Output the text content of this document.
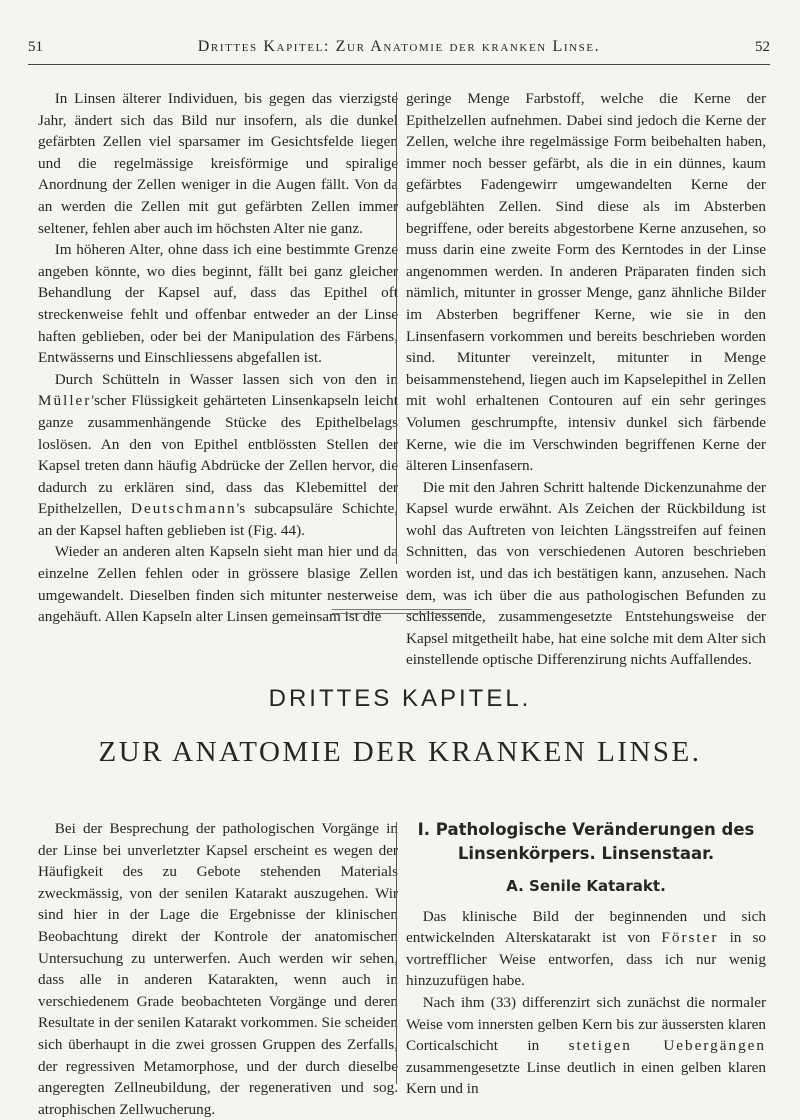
51	Drittes Kapitel: Zur Anatomie der kranken Linse.	52

In Linsen älterer Individuen, bis gegen das vierzigste Jahr, ändert sich das Bild nur insofern, als die dunkel gefärbten Zellen viel sparsamer im Gesichtsfelde liegen und die regelmässige kreisförmige und spiralige Anordnung der Zellen weniger in die Augen fällt. Von da an werden die Zellen mit gut gefärbten Zellen immer seltener, fehlen aber auch im höchsten Alter nie ganz.

Im höheren Alter, ohne dass ich eine bestimmte Grenze angeben könnte, wo dies beginnt, fällt bei ganz gleicher Behandlung der Kapsel auf, dass das Epithel oft streckenweise fehlt und offenbar entweder an der Linse haften geblieben, oder bei der Manipulation des Färbens, Entwässerns und Einschliessens abgefallen ist.

Durch Schütteln in Wasser lassen sich von den in Müller'scher Flüssigkeit gehärteten Linsenkapseln leicht ganze zusammenhängende Stücke des Epithelbelags loslösen. An den von Epithel entblössten Stellen der Kapsel treten dann häufig Abdrücke der Zellen hervor, die dadurch zu erklären sind, dass das Klebemittel der Epithelzellen, Deutschmann's subcapsuläre Schichte, an der Kapsel haften geblieben ist (Fig. 44).

Wieder an anderen alten Kapseln sieht man hier und da einzelne Zellen fehlen oder in grössere blasige Zellen umgewandelt. Dieselben finden sich mitunter nesterweise angehäuft. Allen Kapseln alter Linsen gemeinsam ist die

geringe Menge Farbstoff, welche die Kerne der Epithelzellen aufnehmen. Dabei sind jedoch die Kerne der Zellen, welche ihre regelmässige Form beibehalten haben, immer noch besser gefärbt, als die in ein dünnes, kaum gefärbtes Fadengewirr umgewandelten Kerne der aufgeblähten Zellen. Sind diese als im Absterben begriffene, oder bereits abgestorbene Kerne anzusehen, so muss darin eine zweite Form des Kerntodes in der Linse angenommen werden. In anderen Präparaten finden sich nämlich, mitunter in grosser Menge, ganz ähnliche Bilder im Absterben begriffener Kerne, wie sie in den Linsenfasern vorkommen und bereits beschrieben worden sind. Mitunter vereinzelt, mitunter in Menge beisammenstehend, liegen auch im Kapselepithel in Zellen mit wohl erhaltenen Contouren auf ein sehr geringes Volumen geschrumpfte, intensiv dunkel sich färbende Kerne, wie die im Verschwinden begriffenen Kerne der älteren Linsenfasern.

Die mit den Jahren Schritt haltende Dickenzunahme der Kapsel wurde erwähnt. Als Zeichen der Rückbildung ist wohl das Auftreten von leichten Längsstreifen auf feinen Schnitten, das von verschiedenen Autoren beschrieben worden ist, und das ich bestätigen kann, anzusehen. Nach dem, was ich über die aus pathologischen Befunden zu schliessende, zusammengesetzte Entstehungsweise der Kapsel mitgetheilt habe, hat eine solche mit dem Alter sich einstellende optische Differenzirung nichts Auffallendes.

DRITTES KAPITEL.
ZUR ANATOMIE DER KRANKEN LINSE.

Bei der Besprechung der pathologischen Vorgänge in der Linse bei unverletzter Kapsel erscheint es wegen der Häufigkeit des zu Gebote stehenden Materials zweckmässig, von der senilen Katarakt auszugehen. Wir sind hier in der Lage die Ergebnisse der klinischen Beobachtung direkt der Kontrole der anatomischen Untersuchung zu unterwerfen. Auch werden wir sehen, dass alle in anderen Katarakten, wenn auch in verschiedenem Grade beobachteten Vorgänge und deren Resultate in der senilen Katarakt vorkommen. Sie scheiden sich überhaupt in die zwei grossen Gruppen des Zerfalls, der regressiven Metamorphose, und der durch dieselbe angeregten Zellneubildung, der regenerativen und sog. atrophischen Zellwucherung.

I. Pathologische Veränderungen des Linsenkörpers. Linsenstaar.
A. Senile Katarakt.

Das klinische Bild der beginnenden und sich entwickelnden Alterskatarakt ist von Förster in so vortrefflicher Weise entworfen, dass ich nur wenig hinzuzufügen habe.

Nach ihm (33) differenzirt sich zunächst die normaler Weise vom innersten gelben Kern bis zur äussersten klaren Corticalschicht in stetigen Uebergängen zusammengesetzte Linse deutlich in einen gelben klaren Kern und in
